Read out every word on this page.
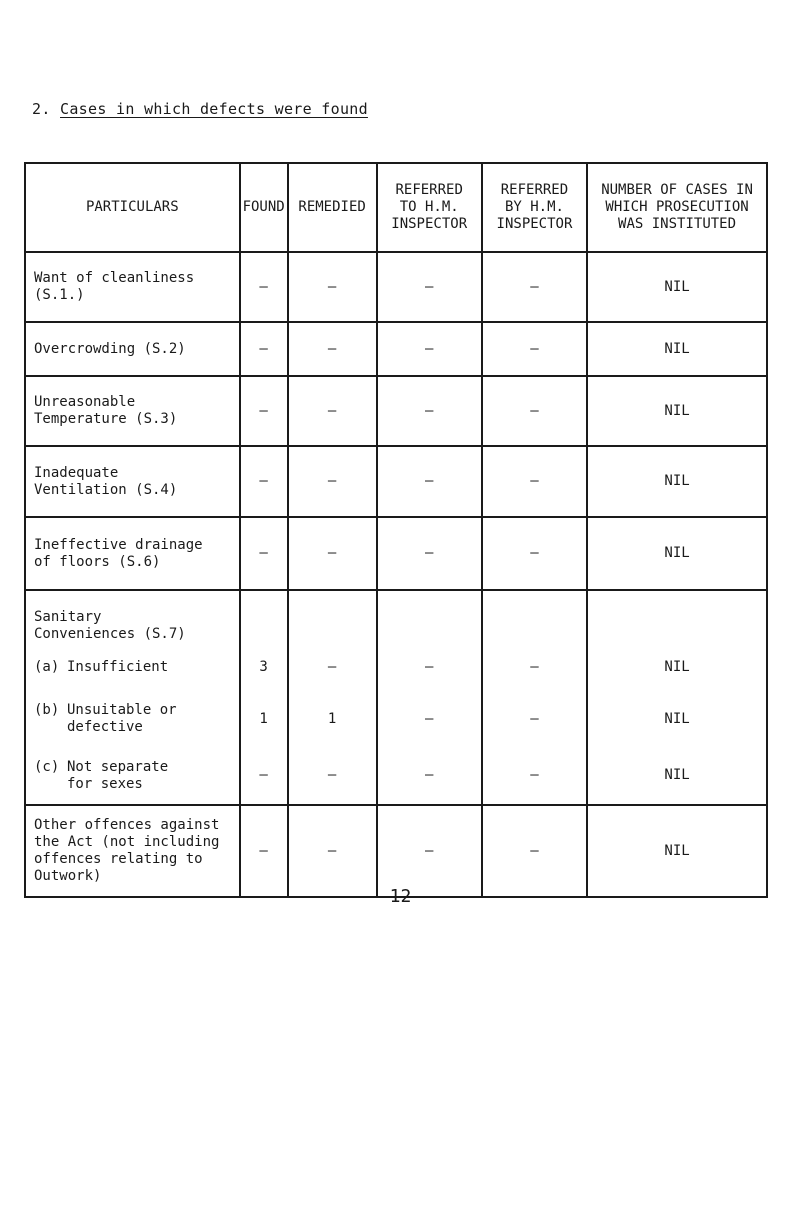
2. Cases in which defects were found
PARTICULARS	FOUND	REMEDIED	REFERRED
TO H.M.
INSPECTOR	REFERRED
BY H.M.
INSPECTOR	NUMBER OF CASES IN
WHICH PROSECUTION
WAS INSTITUTED
Want of cleanliness
(S.1.)	–	–	–	–	NIL
Overcrowding (S.2)	–	–	–	–	NIL
Unreasonable
Temperature (S.3)	–	–	–	–	NIL
Inadequate
Ventilation (S.4)	–	–	–	–	NIL
Ineffective drainage
of floors (S.6)	–	–	–	–	NIL
Sanitary
Conveniences (S.7)					

(a) Insufficient	3	–	–	–	NIL

(b) Unsuitable or
defective	1	1	–	–	NIL

(c) Not separate
for sexes	–	–	–	–	NIL
Other offences against
the Act (not including
offences relating to
Outwork)	–	–	–	–	NIL
- 12 -
